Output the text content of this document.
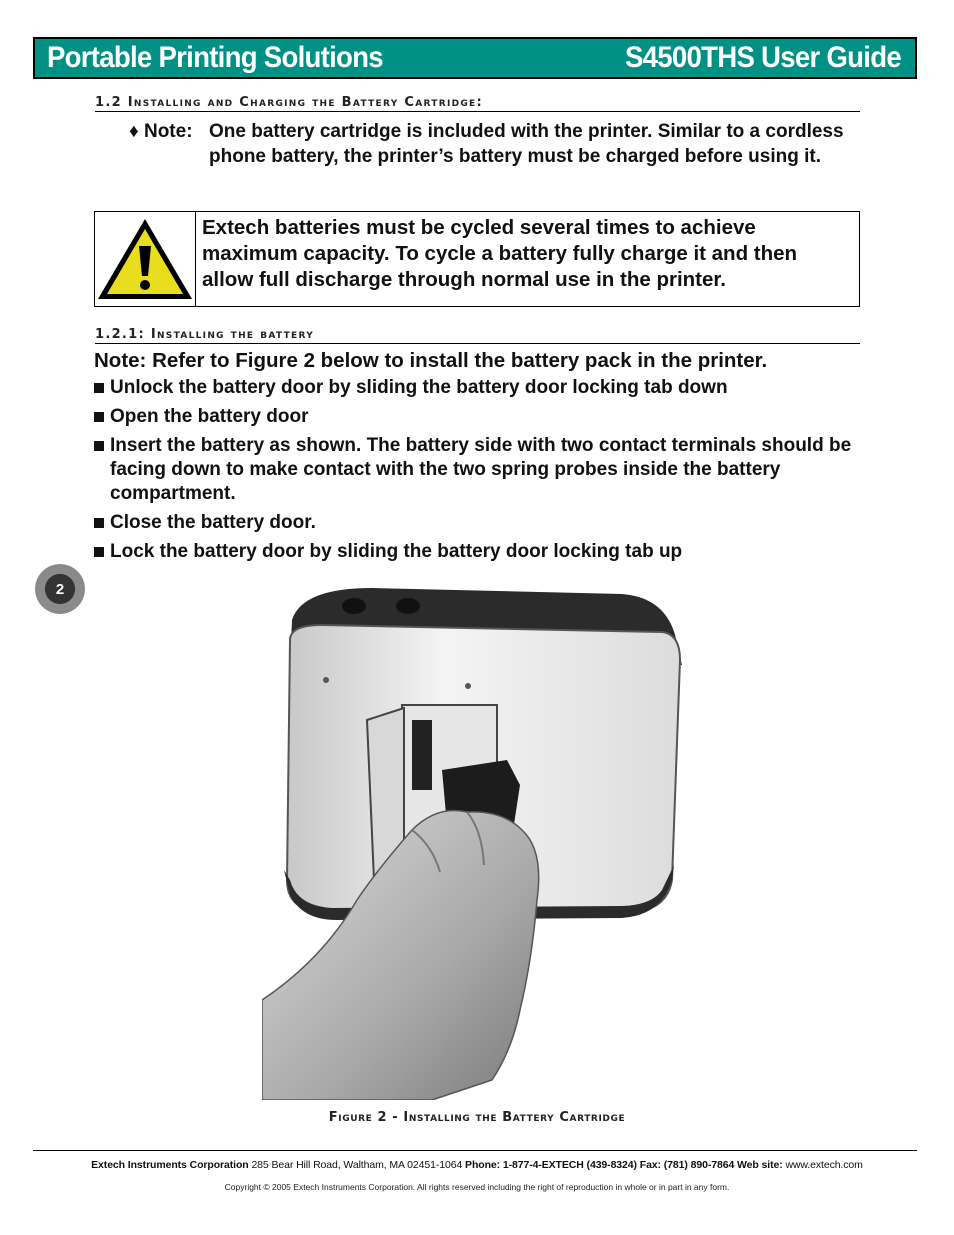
Portable Printing Solutions	S4500THS User Guide
1.2 Installing and Charging the Battery Cartridge:
♦ Note: One battery cartridge is included with the printer. Similar to a cordless phone battery, the printer’s battery must be charged before using it.
Extech batteries must be cycled several times to achieve maximum capacity. To cycle a battery fully charge it and then allow full discharge through normal use in the printer.
1.2.1: Installing the battery
Note: Refer to Figure 2 below to install the battery pack in the printer.
Unlock the battery door by sliding the battery door locking tab down
Open the battery door
Insert the battery as shown. The battery side with two contact terminals should be facing down to make contact with the two spring probes inside the battery compartment.
Close the battery door.
Lock the battery door by sliding the battery door locking tab up
2
Figure 2 - Installing the Battery Cartridge
Extech Instruments Corporation 285 Bear Hill Road, Waltham, MA 02451-1064 Phone: 1-877-4-EXTECH (439-8324) Fax: (781) 890-7864 Web site: www.extech.com
Copyright © 2005 Extech Instruments Corporation. All rights reserved including the right of reproduction in whole or in part in any form.
